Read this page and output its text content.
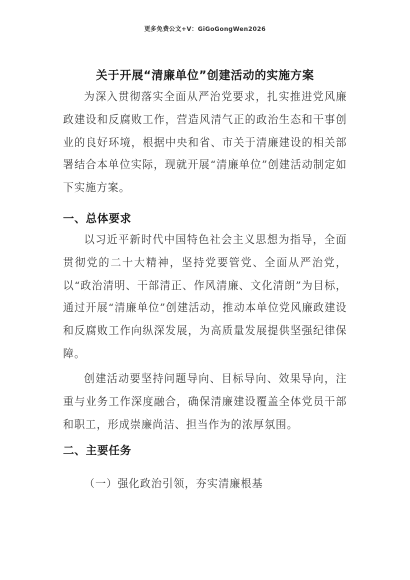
更多免费公文+V：GiGoGongWen2026
关于开展“清廉单位”创建活动的实施方案

为深入贯彻落实全面从严治党要求，扎实推进党风廉政建设和反腐败工作，营造风清气正的政治生态和干事创业的良好环境，根据中央和省、市关于清廉建设的相关部署结合本单位实际，现就开展“清廉单位”创建活动制定如下实施方案。

一、总体要求

以习近平新时代中国特色社会主义思想为指导，全面贯彻党的二十大精神，坚持党要管党、全面从严治党，以“政治清明、干部清正、作风清廉、文化清朗”为目标，通过开展“清廉单位”创建活动，推动本单位党风廉政建设和反腐败工作向纵深发展，为高质量发展提供坚强纪律保障。

创建活动要坚持问题导向、目标导向、效果导向，注重与业务工作深度融合，确保清廉建设覆盖全体党员干部和职工，形成崇廉尚洁、担当作为的浓厚氛围。

二、主要任务
（一）强化政治引领，夯实清廉根基
